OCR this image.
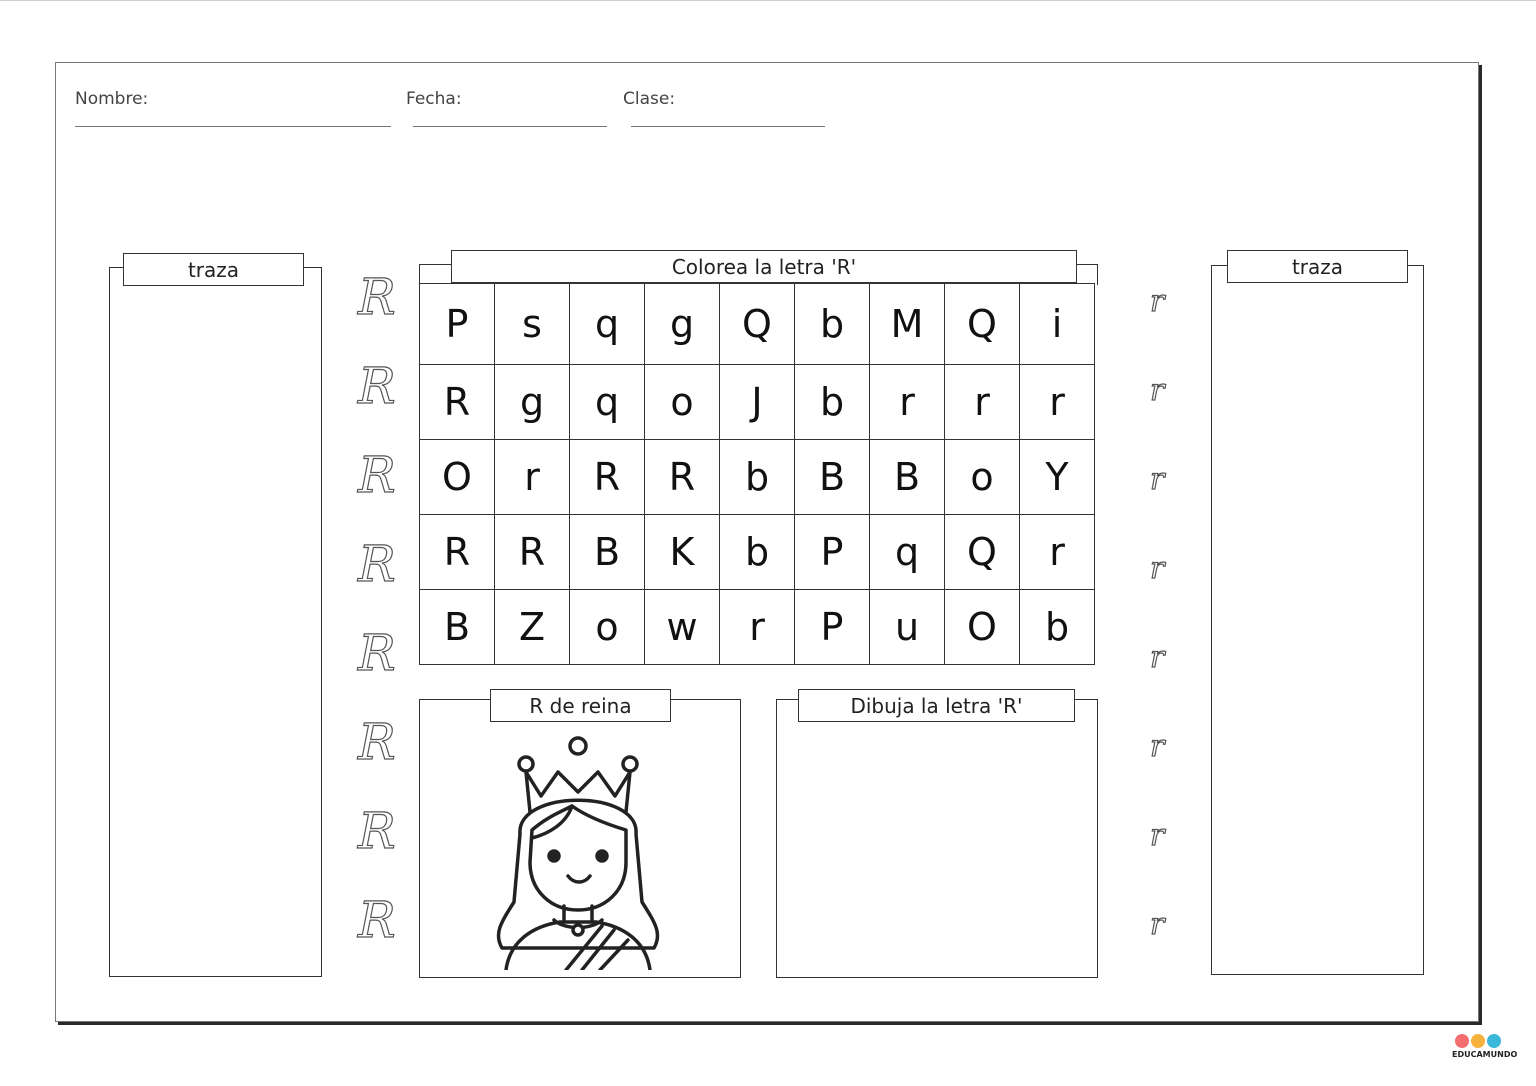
Nombre:	Fecha:	Clase:
traza	traza
R
R
R
R
R
R
R
R
r
r
r
r
r
r
r
r
Colorea la letra 'R'
P	s	q	g	Q	b	M	Q	i
R	g	q	o	J	b	r	r	r
O	r	R	R	b	B	B	o	Y
R	R	B	K	b	P	q	Q	r
B	Z	o	w	r	P	u	O	b
R de reina	Dibuja la letra 'R'
EDUCAMUNDO
